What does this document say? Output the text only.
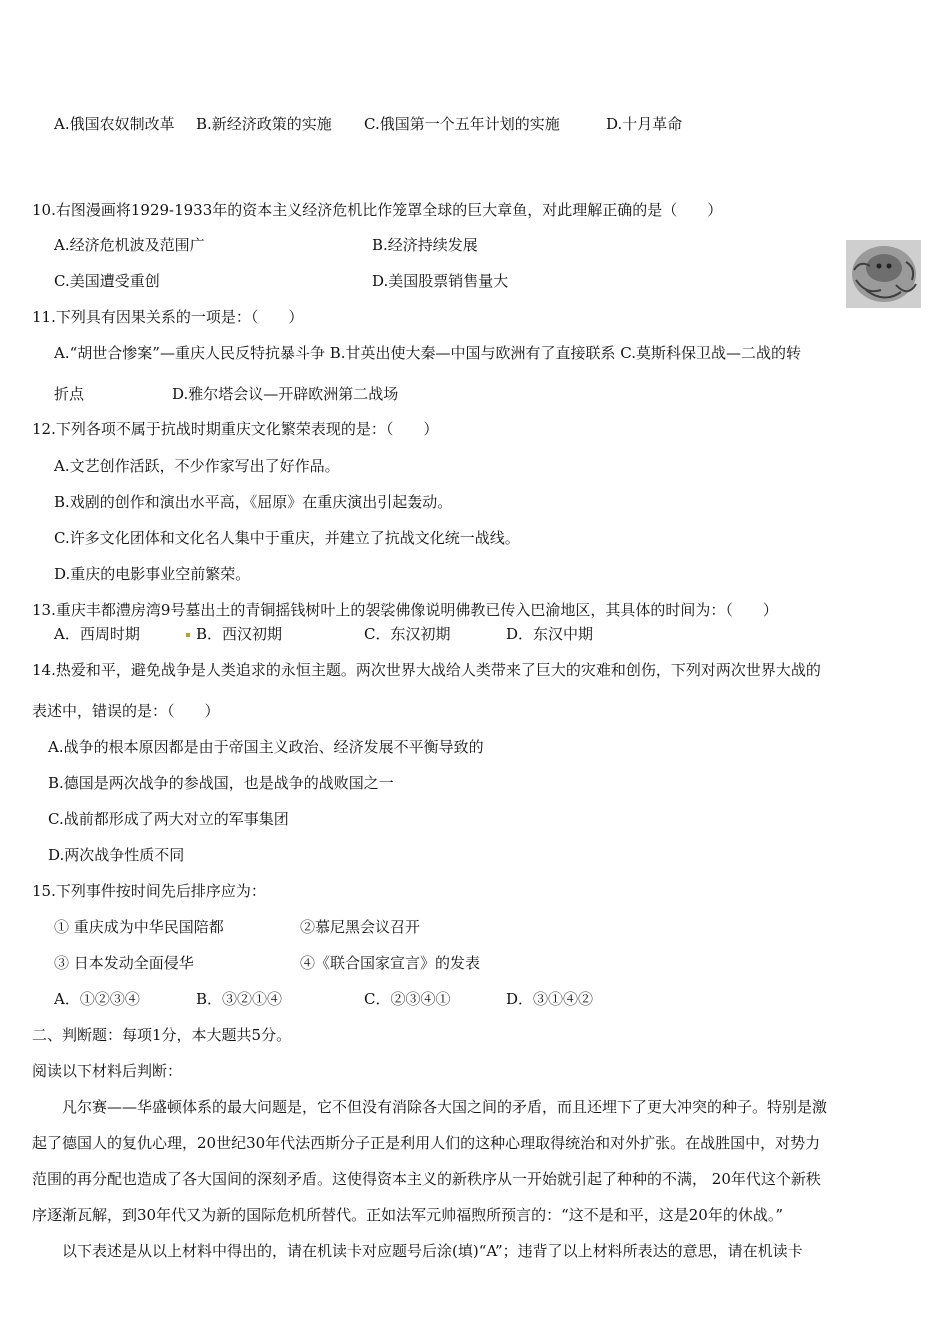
A.俄国农奴制改革 B.新经济政策的实施 C.俄国第一个五年计划的实施	D.十月革命
10.右图漫画将1929-1933年的资本主义经济危机比作笼罩全球的巨大章鱼，对此理解正确的是（　　）
A.经济危机波及范围广	B.经济持续发展
C.美国遭受重创	D.美国股票销售量大
11.下列具有因果关系的一项是：（　　）
A.“胡世合惨案”—重庆人民反特抗暴斗争 B.甘英出使大秦—中国与欧洲有了直接联系 C.莫斯科保卫战—二战的转
折点	D.雅尔塔会议—开辟欧洲第二战场
12.下列各项不属于抗战时期重庆文化繁荣表现的是：（　　）
A.文艺创作活跃，不少作家写出了好作品。
B.戏剧的创作和演出水平高，《屈原》在重庆演出引起轰动。
C.许多文化团体和文化名人集中于重庆，并建立了抗战文化统一战线。
D.重庆的电影事业空前繁荣。
13.重庆丰都澧房湾9号墓出土的青铜摇钱树叶上的袈裟佛像说明佛教已传入巴渝地区，其具体的时间为：（　　）
A．西周时期	B．西汉初期	C．东汉初期	D．东汉中期
14.热爱和平，避免战争是人类追求的永恒主题。两次世界大战给人类带来了巨大的灾难和创伤，下列对两次世界大战的
表述中，错误的是：（　　）
A.战争的根本原因都是由于帝国主义政治、经济发展不平衡导致的
B.德国是两次战争的参战国，也是战争的战败国之一
C.战前都形成了两大对立的军事集团
D.两次战争性质不同
15.下列事件按时间先后排序应为：
① 重庆成为中华民国陪都	②慕尼黑会议召开
③ 日本发动全面侵华	④《联合国家宣言》的发表
A．①②③④	B．③②①④	C．②③④①	D．③①④②
二、判断题：每项1分，本大题共5分。
阅读以下材料后判断：
凡尔赛——华盛顿体系的最大问题是，它不但没有消除各大国之间的矛盾，而且还埋下了更大冲突的种子。特别是激
起了德国人的复仇心理，20世纪30年代法西斯分子正是利用人们的这种心理取得统治和对外扩张。在战胜国中，对势力
范围的再分配也造成了各大国间的深刻矛盾。这使得资本主义的新秩序从一开始就引起了种种的不满， 20年代这个新秩
序逐渐瓦解，到30年代又为新的国际危机所替代。正如法军元帅福煦所预言的：“这不是和平，这是20年的休战。”
以下表述是从以上材料中得出的，请在机读卡对应题号后涂(填)“A”；违背了以上材料所表达的意思，请在机读卡
